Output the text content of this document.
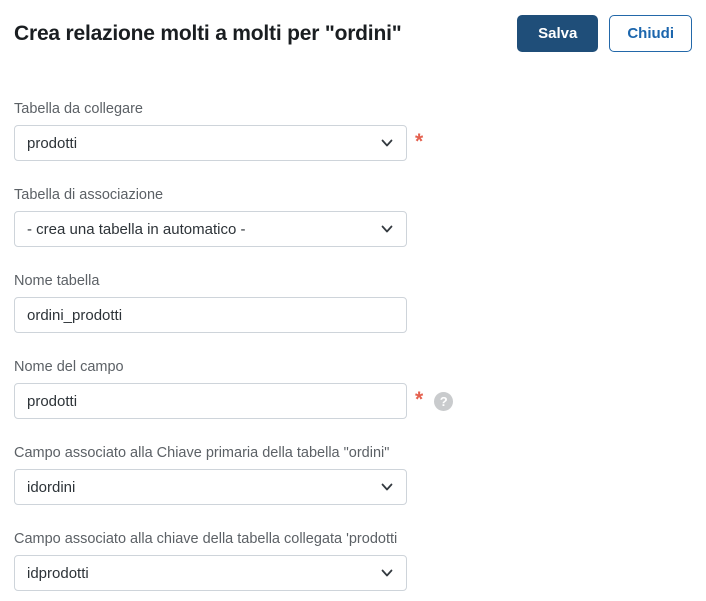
Crea relazione molti a molti per "ordini"	Salva	Chiudi
Tabella da collegare
prodotti	*
Tabella di associazione
- crea una tabella in automatico -
Nome tabella
ordini_prodotti
Nome del campo
prodotti
*	?
Campo associato alla Chiave primaria della tabella "ordini"
idordini
Campo associato alla chiave della tabella collegata 'prodotti
idprodotti
